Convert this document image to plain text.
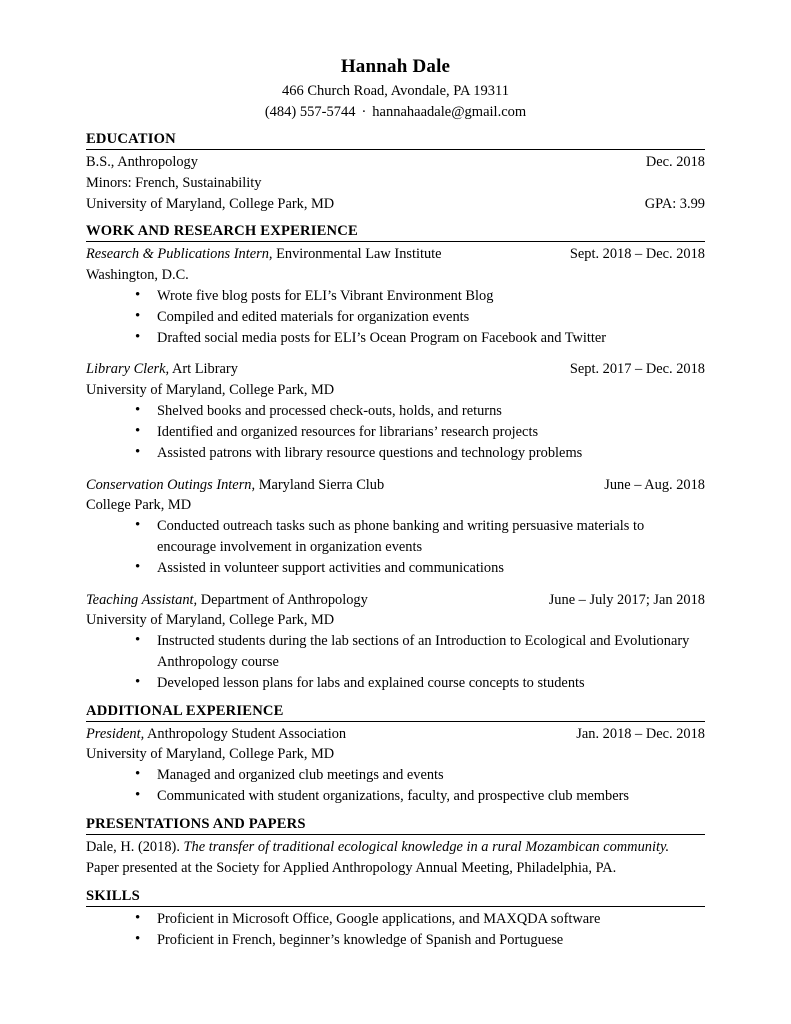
Hannah Dale
466 Church Road, Avondale, PA 19311
(484) 557-5744 · hannahaadale@gmail.com
EDUCATION
B.S., Anthropology	Dec. 2018
Minors: French, Sustainability
University of Maryland, College Park, MD	GPA: 3.99
WORK AND RESEARCH EXPERIENCE
Research & Publications Intern, Environmental Law Institute	Sept. 2018 – Dec. 2018
Washington, D.C.
• Wrote five blog posts for ELI’s Vibrant Environment Blog
• Compiled and edited materials for organization events
• Drafted social media posts for ELI’s Ocean Program on Facebook and Twitter
Library Clerk, Art Library	Sept. 2017 – Dec. 2018
University of Maryland, College Park, MD
• Shelved books and processed check-outs, holds, and returns
• Identified and organized resources for librarians’ research projects
• Assisted patrons with library resource questions and technology problems
Conservation Outings Intern, Maryland Sierra Club	June – Aug. 2018
College Park, MD
• Conducted outreach tasks such as phone banking and writing persuasive materials to encourage involvement in organization events
• Assisted in volunteer support activities and communications
Teaching Assistant, Department of Anthropology	June – July 2017; Jan 2018
University of Maryland, College Park, MD
• Instructed students during the lab sections of an Introduction to Ecological and Evolutionary Anthropology course
• Developed lesson plans for labs and explained course concepts to students
ADDITIONAL EXPERIENCE
President, Anthropology Student Association	Jan. 2018 – Dec. 2018
University of Maryland, College Park, MD
• Managed and organized club meetings and events
• Communicated with student organizations, faculty, and prospective club members
PRESENTATIONS AND PAPERS
Dale, H. (2018). The transfer of traditional ecological knowledge in a rural Mozambican community. Paper presented at the Society for Applied Anthropology Annual Meeting, Philadelphia, PA.
SKILLS
• Proficient in Microsoft Office, Google applications, and MAXQDA software
• Proficient in French, beginner’s knowledge of Spanish and Portuguese
